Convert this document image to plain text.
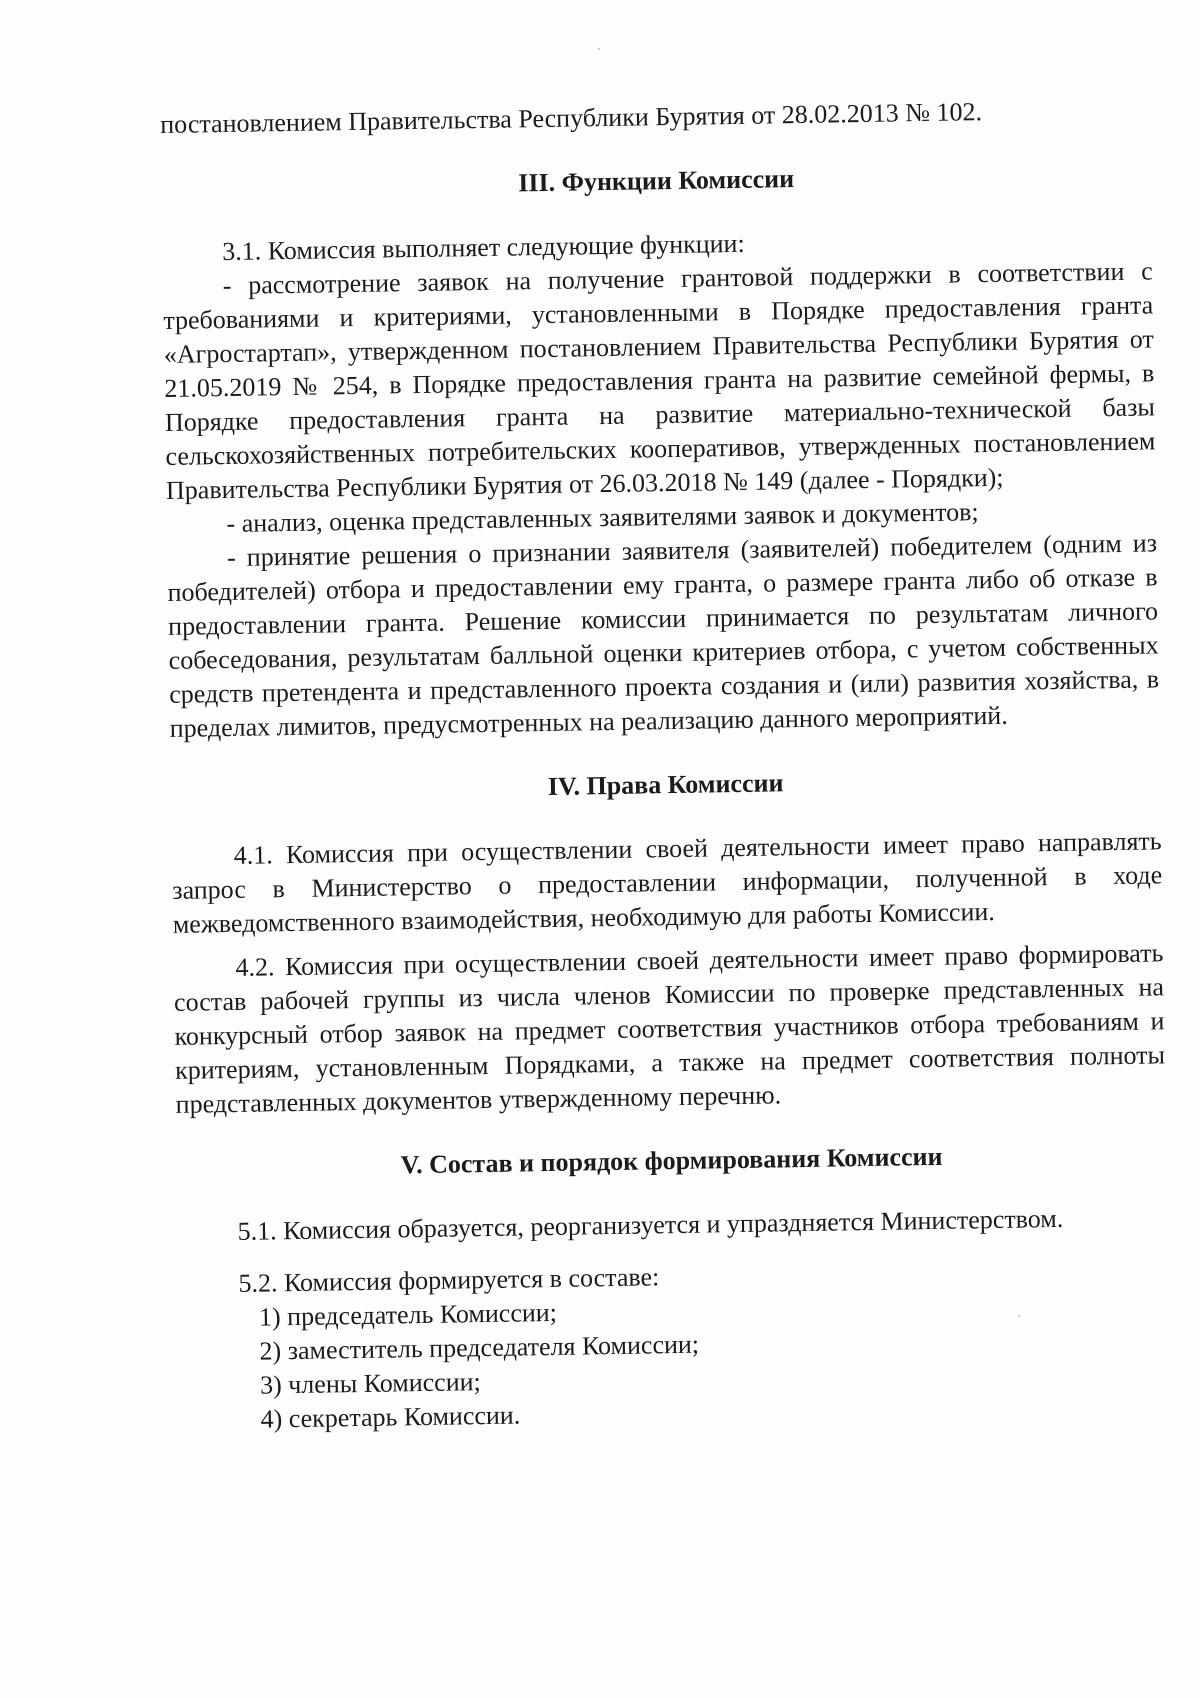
постановлением Правительства Республики Бурятия от 28.02.2013 № 102.

III. Функции Комиссии

3.1. Комиссия выполняет следующие функции:

- рассмотрение заявок на получение грантовой поддержки в соответствии с требованиями и критериями, установленными в Порядке предоставления гранта «Агростартап», утвержденном постановлением Правительства Республики Бурятия от 21.05.2019 № 254, в Порядке предоставления гранта на развитие семейной фермы, в Порядке предоставления гранта на развитие материально-технической базы сельскохозяйственных потребительских кооперативов, утвержденных постановлением Правительства Республики Бурятия от 26.03.2018 № 149 (далее - Порядки);

- анализ, оценка представленных заявителями заявок и документов;

- принятие решения о признании заявителя (заявителей) победителем (одним из победителей) отбора и предоставлении ему гранта, о размере гранта либо об отказе в предоставлении гранта. Решение комиссии принимается по результатам личного собеседования, результатам балльной оценки критериев отбора, с учетом собственных средств претендента и представленного проекта создания и (или) развития хозяйства, в пределах лимитов, предусмотренных на реализацию данного мероприятий.

IV. Права Комиссии

4.1. Комиссия при осуществлении своей деятельности имеет право направлять запрос в Министерство о предоставлении информации, полученной в ходе межведомственного взаимодействия, необходимую для работы Комиссии.

4.2. Комиссия при осуществлении своей деятельности имеет право формировать состав рабочей группы из числа членов Комиссии по проверке представленных на конкурсный отбор заявок на предмет соответствия участников отбора требованиям и критериям, установленным Порядками, а также на предмет соответствия полноты представленных документов утвержденному перечню.

V. Состав и порядок формирования Комиссии

5.1. Комиссия образуется, реорганизуется и упраздняется Министерством.

5.2. Комиссия формируется в составе:

1) председатель Комиссии;

2) заместитель председателя Комиссии;

3) члены Комиссии;

4) секретарь Комиссии.
